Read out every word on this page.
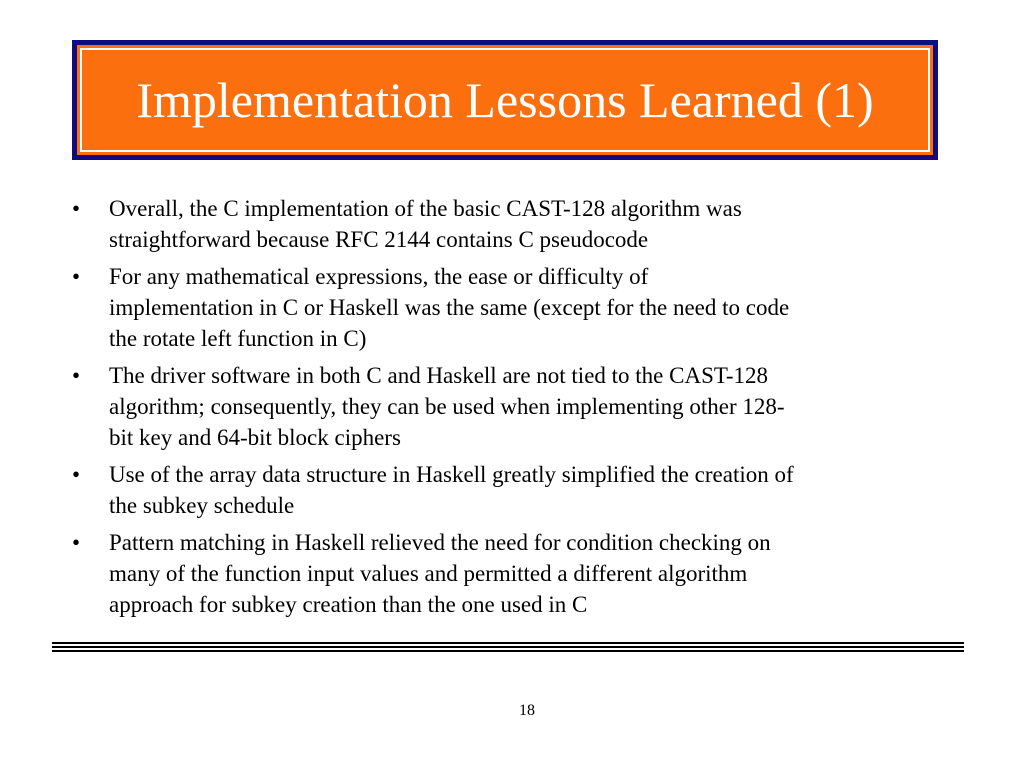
Implementation Lessons Learned (1)
•	Overall, the C implementation of the basic CAST-128 algorithm was
straightforward because RFC 2144 contains C pseudocode
•	For any mathematical expressions, the ease or difficulty of
implementation in C or Haskell was the same (except for the need to code
the rotate left function in C)
•	The driver software in both C and Haskell are not tied to the CAST-128
algorithm; consequently, they can be used when implementing other 128-
bit key and 64-bit block ciphers
•	Use of the array data structure in Haskell greatly simplified the creation of
the subkey schedule
•	Pattern matching in Haskell relieved the need for condition checking on
many of the function input values and permitted a different algorithm
approach for subkey creation than the one used in C
18
